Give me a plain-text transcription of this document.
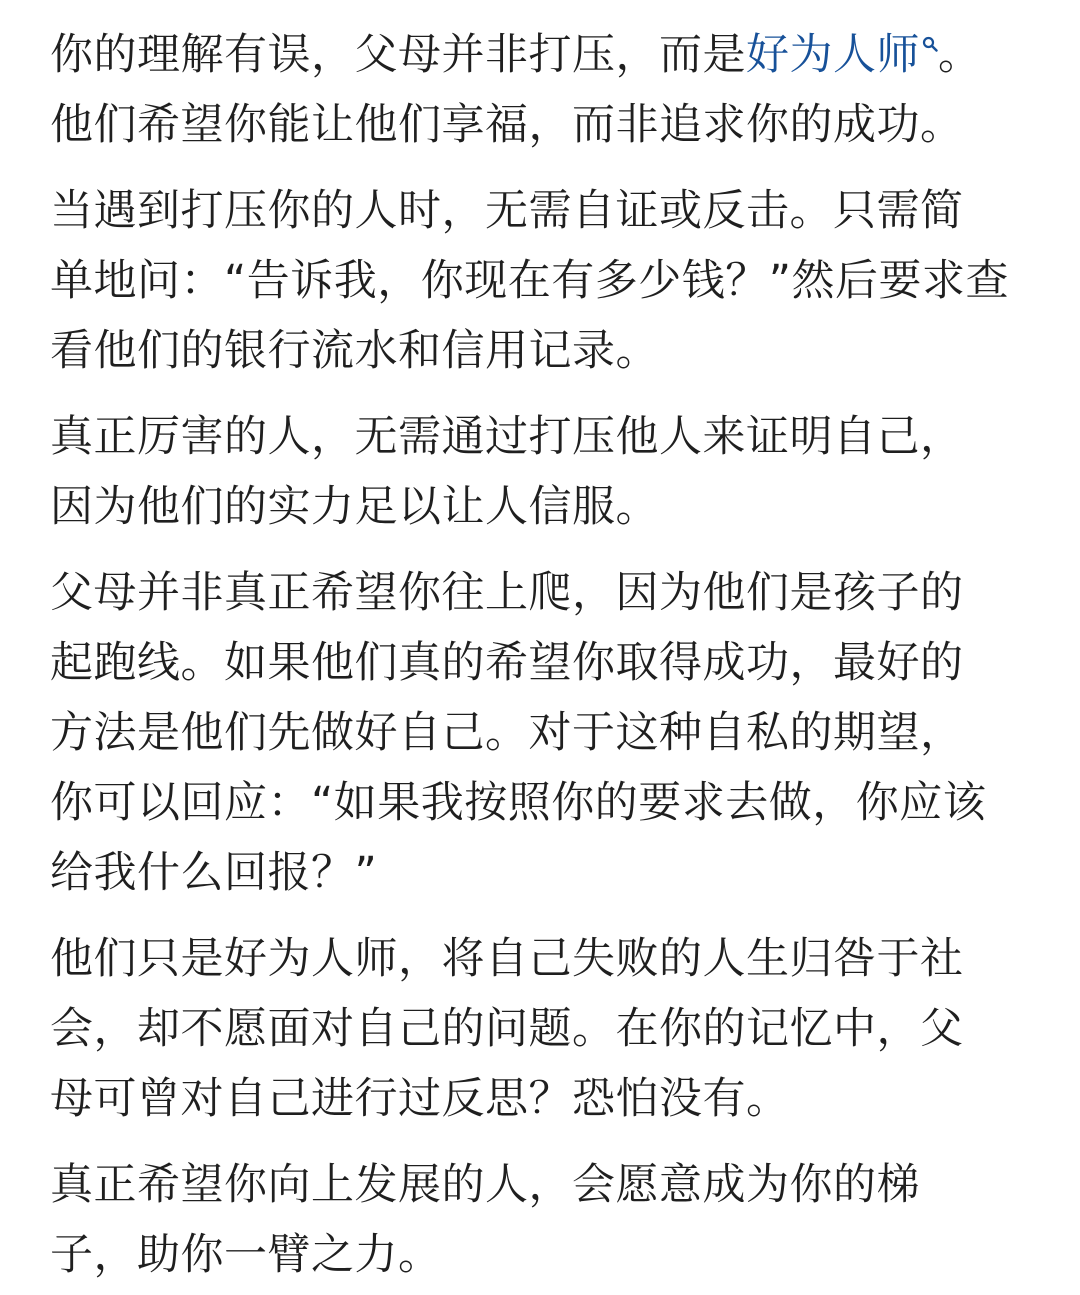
你的理解有误，父母并非打压，而是好为人师 。
他们希望你能让他们享福，而非追求你的成功。
当遇到打压你的人时，无需自证或反击。只需简
单地问：“告诉我，你现在有多少钱？”然后要求查
看他们的银行流水和信用记录。
真正厉害的人，无需通过打压他人来证明自己，
因为他们的实力足以让人信服。
父母并非真正希望你往上爬，因为他们是孩子的
起跑线。如果他们真的希望你取得成功，最好的
方法是他们先做好自己。对于这种自私的期望，
你可以回应：“如果我按照你的要求去做，你应该
给我什么回报？”
他们只是好为人师，将自己失败的人生归咎于社
会，却不愿面对自己的问题。在你的记忆中，父
母可曾对自己进行过反思？恐怕没有。
真正希望你向上发展的人，会愿意成为你的梯
子，助你一臂之力。
